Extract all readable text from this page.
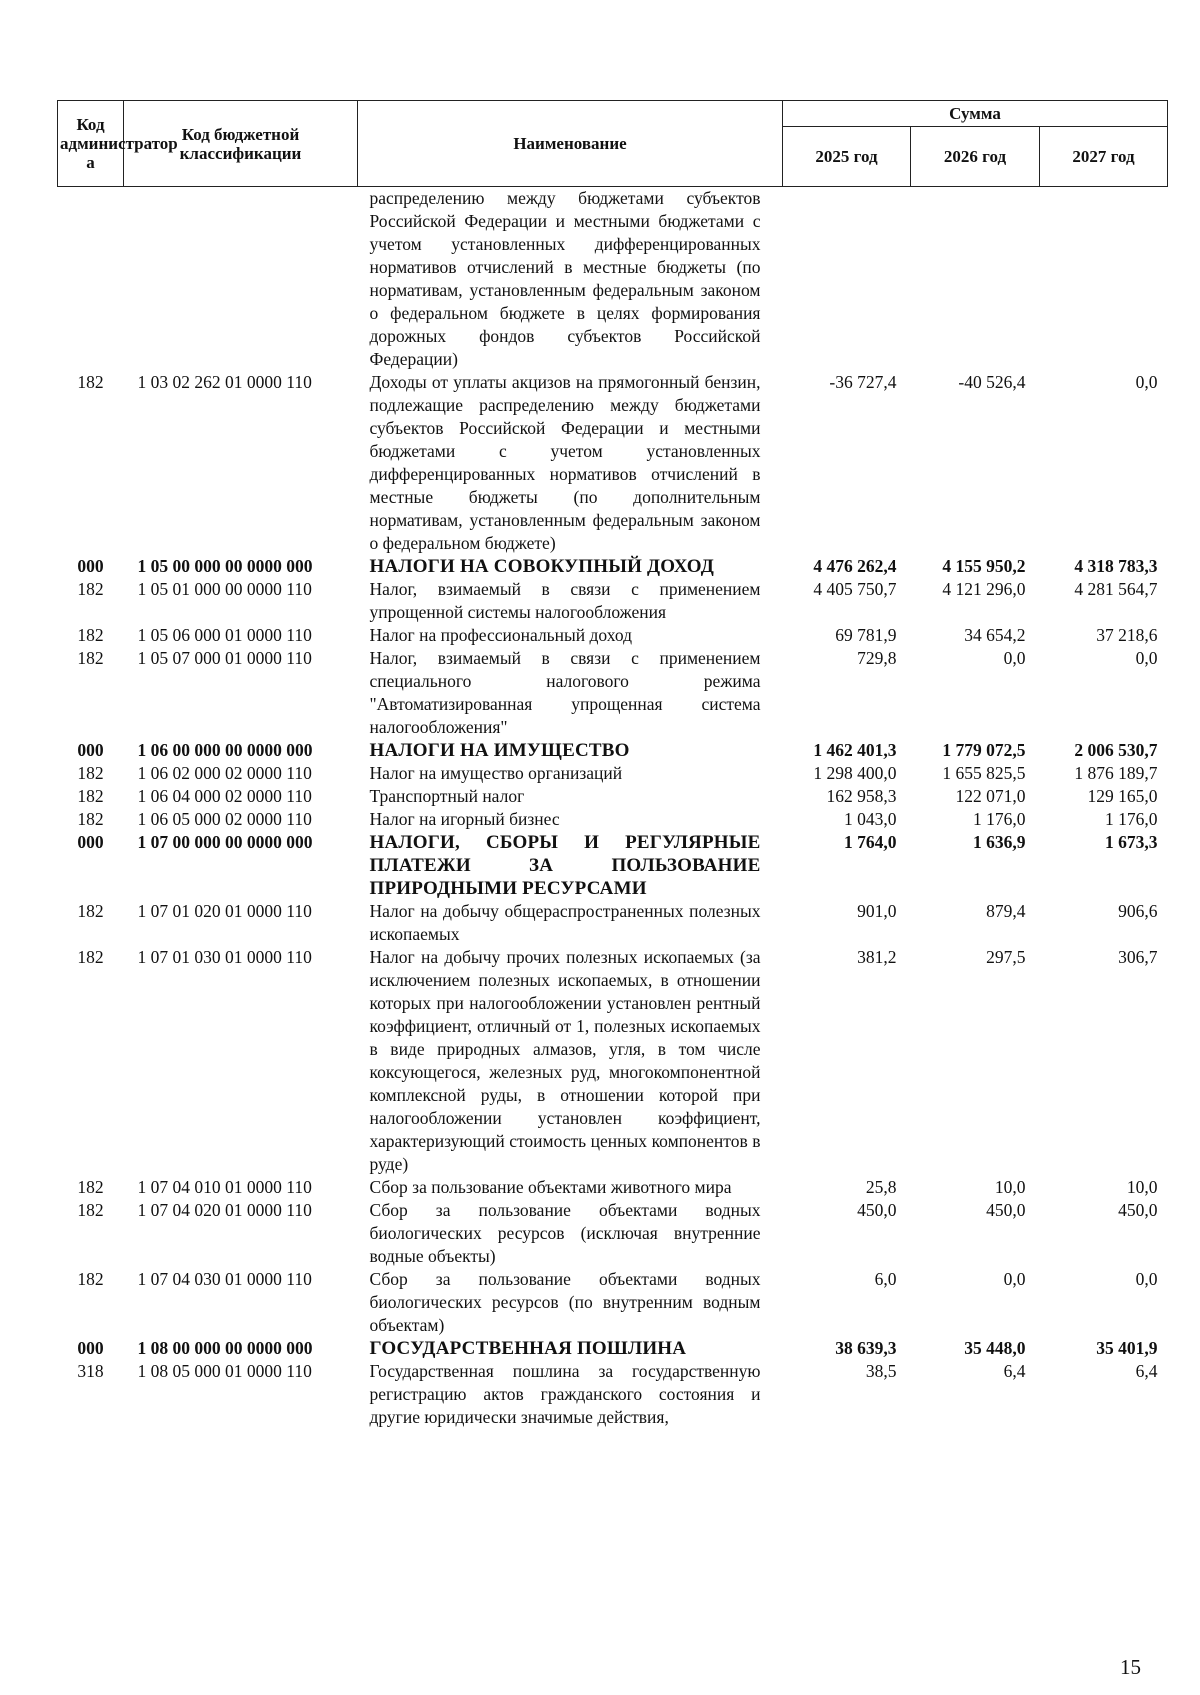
Код администратор а	Код бюджетной классификации	Наименование	Сумма		
			2025 год	2026 год	2027 год
		распределению между бюджетами субъектов Российской Федерации и местными бюджетами с учетом установленных дифференцированных нормативов отчислений в местные бюджеты (по нормативам, установленным федеральным законом о федеральном бюджете в целях формирования дорожных фондов субъектов Российской Федерации)			
182	1 03 02 262 01 0000 110	Доходы от уплаты акцизов на прямогонный бензин, подлежащие распределению между бюджетами субъектов Российской Федерации и местными бюджетами с учетом установленных дифференцированных нормативов отчислений в местные бюджеты (по дополнительным нормативам, установленным федеральным законом о федеральном бюджете)	-36 727,4	-40 526,4	0,0
000	1 05 00 000 00 0000 000	НАЛОГИ НА СОВОКУПНЫЙ ДОХОД	4 476 262,4	4 155 950,2	4 318 783,3
182	1 05 01 000 00 0000 110	Налог, взимаемый в связи с применением упрощенной системы налогообложения	4 405 750,7	4 121 296,0	4 281 564,7
182	1 05 06 000 01 0000 110	Налог на профессиональный доход	69 781,9	34 654,2	37 218,6
182	1 05 07 000 01 0000 110	Налог, взимаемый в связи с применением специального налогового режима "Автоматизированная упрощенная система налогообложения"	729,8	0,0	0,0
000	1 06 00 000 00 0000 000	НАЛОГИ НА ИМУЩЕСТВО	1 462 401,3	1 779 072,5	2 006 530,7
182	1 06 02 000 02 0000 110	Налог на имущество организаций	1 298 400,0	1 655 825,5	1 876 189,7
182	1 06 04 000 02 0000 110	Транспортный налог	162 958,3	122 071,0	129 165,0
182	1 06 05 000 02 0000 110	Налог на игорный бизнес	1 043,0	1 176,0	1 176,0
000	1 07 00 000 00 0000 000	НАЛОГИ, СБОРЫ И РЕГУЛЯРНЫЕ ПЛАТЕЖИ ЗА ПОЛЬЗОВАНИЕ ПРИРОДНЫМИ РЕСУРСАМИ	1 764,0	1 636,9	1 673,3
182	1 07 01 020 01 0000 110	Налог на добычу общераспространенных полезных ископаемых	901,0	879,4	906,6
182	1 07 01 030 01 0000 110	Налог на добычу прочих полезных ископаемых (за исключением полезных ископаемых, в отношении которых при налогообложении установлен рентный коэффициент, отличный от 1, полезных ископаемых в виде природных алмазов, угля, в том числе коксующегося, железных руд, многокомпонентной комплексной руды, в отношении которой при налогообложении установлен коэффициент, характеризующий стоимость ценных компонентов в руде)	381,2	297,5	306,7
182	1 07 04 010 01 0000 110	Сбор за пользование объектами животного мира	25,8	10,0	10,0
182	1 07 04 020 01 0000 110	Сбор за пользование объектами водных биологических ресурсов (исключая внутренние водные объекты)	450,0	450,0	450,0
182	1 07 04 030 01 0000 110	Сбор за пользование объектами водных биологических ресурсов (по внутренним водным объектам)	6,0	0,0	0,0
000	1 08 00 000 00 0000 000	ГОСУДАРСТВЕННАЯ ПОШЛИНА	38 639,3	35 448,0	35 401,9
318	1 08 05 000 01 0000 110	Государственная пошлина за государственную регистрацию актов гражданского состояния и другие юридически значимые действия,	38,5	6,4	6,4
15
